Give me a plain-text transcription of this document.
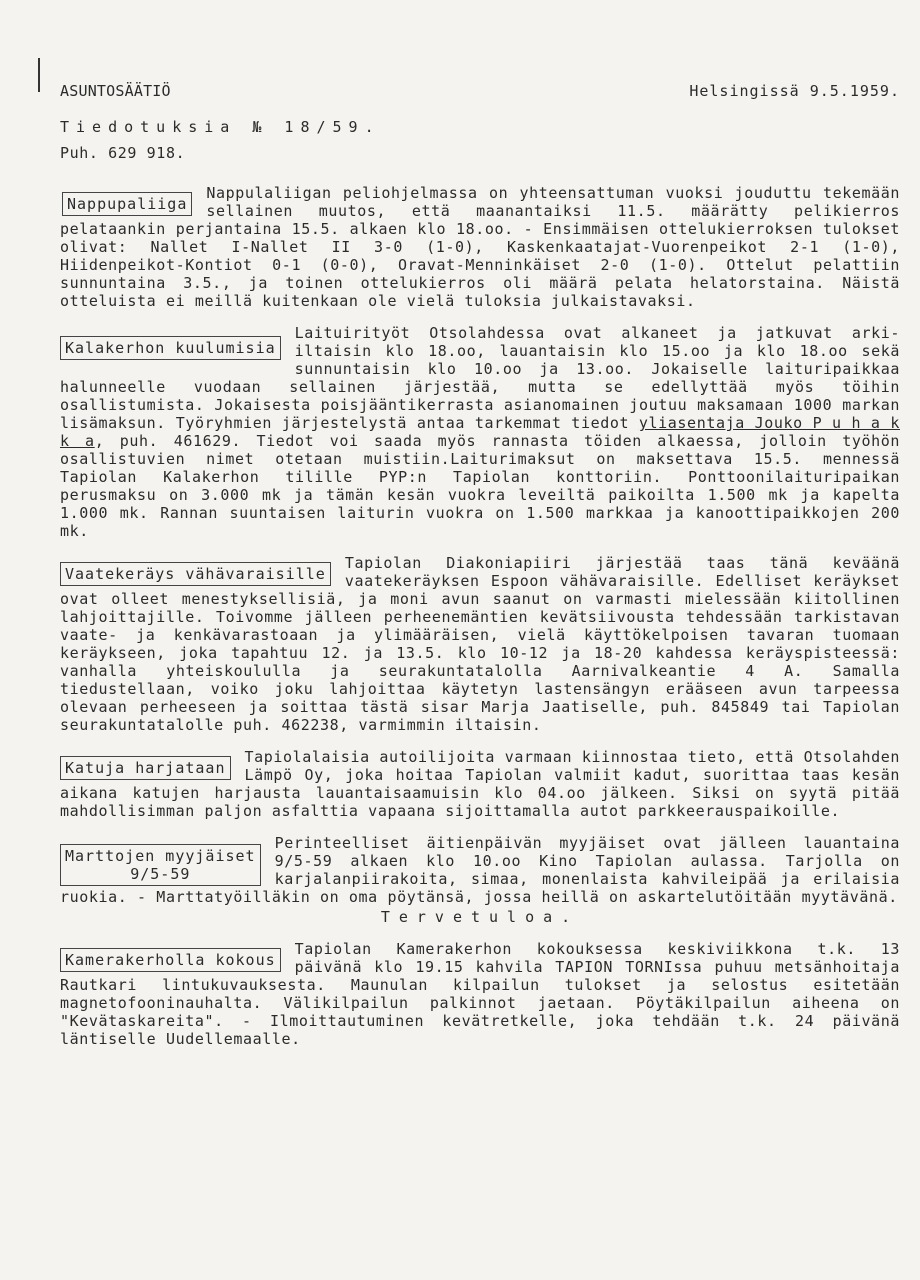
ASUNTOSÄÄTIÖ	Helsingissä 9.5.1959.
Tiedotuksia № 18/59.
Puh. 629 918.
Nappupaliiga
Nappulaliigan peliohjelmassa on yhteensattuman vuoksi jouduttu tekemään sellainen muutos, että maanantaiksi 11.5. määrätty pelikierros pelataankin perjantaina 15.5. alkaen klo 18.oo. - Ensimmäisen ottelukierroksen tulokset olivat: Nallet I-Nallet II 3-0 (1-0), Kaskenkaatajat-Vuorenpeikot 2-1 (1-0), Hiidenpeikot-Kontiot 0-1 (0-0), Oravat-Menninkäiset 2-0 (1-0). Ottelut pelattiin sunnuntaina 3.5., ja toinen ottelukierros oli määrä pelata helatorstaina. Näistä otteluista ei meillä kuitenkaan ole vielä tuloksia julkaistavaksi.
Kalakerhon kuulumisia
Laituirityöt Otsolahdessa ovat alkaneet ja jatkuvat arki-iltaisin klo 18.oo, lauantaisin klo 15.oo ja klo 18.oo sekä sunnuntaisin klo 10.oo ja 13.oo. Jokaiselle laituripaikkaa halunneelle vuodaan sellainen järjestää, mutta se edellyttää myös töihin osallistumista. Jokaisesta poisjääntikerrasta asianomainen joutuu maksamaan 1000 markan lisämaksun. Työryhmien järjestelystä antaa tarkemmat tiedot yliasentaja Jouko P u h a k k a, puh. 461629. Tiedot voi saada myös rannasta töiden alkaessa, jolloin työhön osallistuvien nimet otetaan muistiin.Laiturimaksut on maksettava 15.5. mennessä Tapiolan Kalakerhon tilille PYP:n Tapiolan konttoriin. Ponttoonilaituripaikan perusmaksu on 3.000 mk ja tämän kesän vuokra leveiltä paikoilta 1.500 mk ja kapelta 1.000 mk. Rannan suuntaisen laiturin vuokra on 1.500 markkaa ja kanoottipaikkojen 200 mk.
Vaatekeräys vähävaraisille
Tapiolan Diakoniapiiri järjestää taas tänä keväänä vaatekeräyksen Espoon vähävaraisille. Edelliset keräykset ovat olleet menestyksellisiä, ja moni avun saanut on varmasti mielessään kiitollinen lahjoittajille. Toivomme jälleen perheenemäntien kevätsiivousta tehdessään tarkistavan vaate- ja kenkävarastoaan ja ylimääräisen, vielä käyttökelpoisen tavaran tuomaan keräykseen, joka tapahtuu 12. ja 13.5. klo 10-12 ja 18-20 kahdessa keräyspisteessä: vanhalla yhteiskoululla ja seurakuntatalolla Aarnivalkeantie 4 A. Samalla tiedustellaan, voiko joku lahjoittaa käytetyn lastensängyn erääseen avun tarpeessa olevaan perheeseen ja soittaa tästä sisar Marja Jaatiselle, puh. 845849 tai Tapiolan seurakuntatalolle puh. 462238, varmimmin iltaisin.
Katuja harjataan
Tapiolalaisia autoilijoita varmaan kiinnostaa tieto, että Otsolahden Lämpö Oy, joka hoitaa Tapiolan valmiit kadut, suorittaa taas kesän aikana katujen harjausta lauantaisaamuisin klo 04.oo jälkeen. Siksi on syytä pitää mahdollisimman paljon asfalttia vapaana sijoittamalla autot parkkeerauspaikoille.
Marttojen myyjäiset
9/5-59
Perinteelliset äitienpäivän myyjäiset ovat jälleen lauantaina 9/5-59 alkaen klo 10.oo Kino Tapiolan aulassa. Tarjolla on karjalanpiirakoita, simaa, monenlaista kahvileipää ja erilaisia ruokia. - Marttatyöilläkin on oma pöytänsä, jossa heillä on askartelutöitään myytävänä.
Tervetuloa.
Kamerakerholla kokous
Tapiolan Kamerakerhon kokouksessa keskiviikkona t.k. 13 päivänä klo 19.15 kahvila TAPION TORNIssa puhuu metsänhoitaja Rautkari lintukuvauksesta. Maunulan kilpailun tulokset ja selostus esitetään magnetofooninauhalta. Välikilpailun palkinnot jaetaan. Pöytäkilpailun aiheena on "Kevätaskareita". - Ilmoittautuminen kevätretkelle, joka tehdään t.k. 24 päivänä läntiselle Uudellemaalle.
